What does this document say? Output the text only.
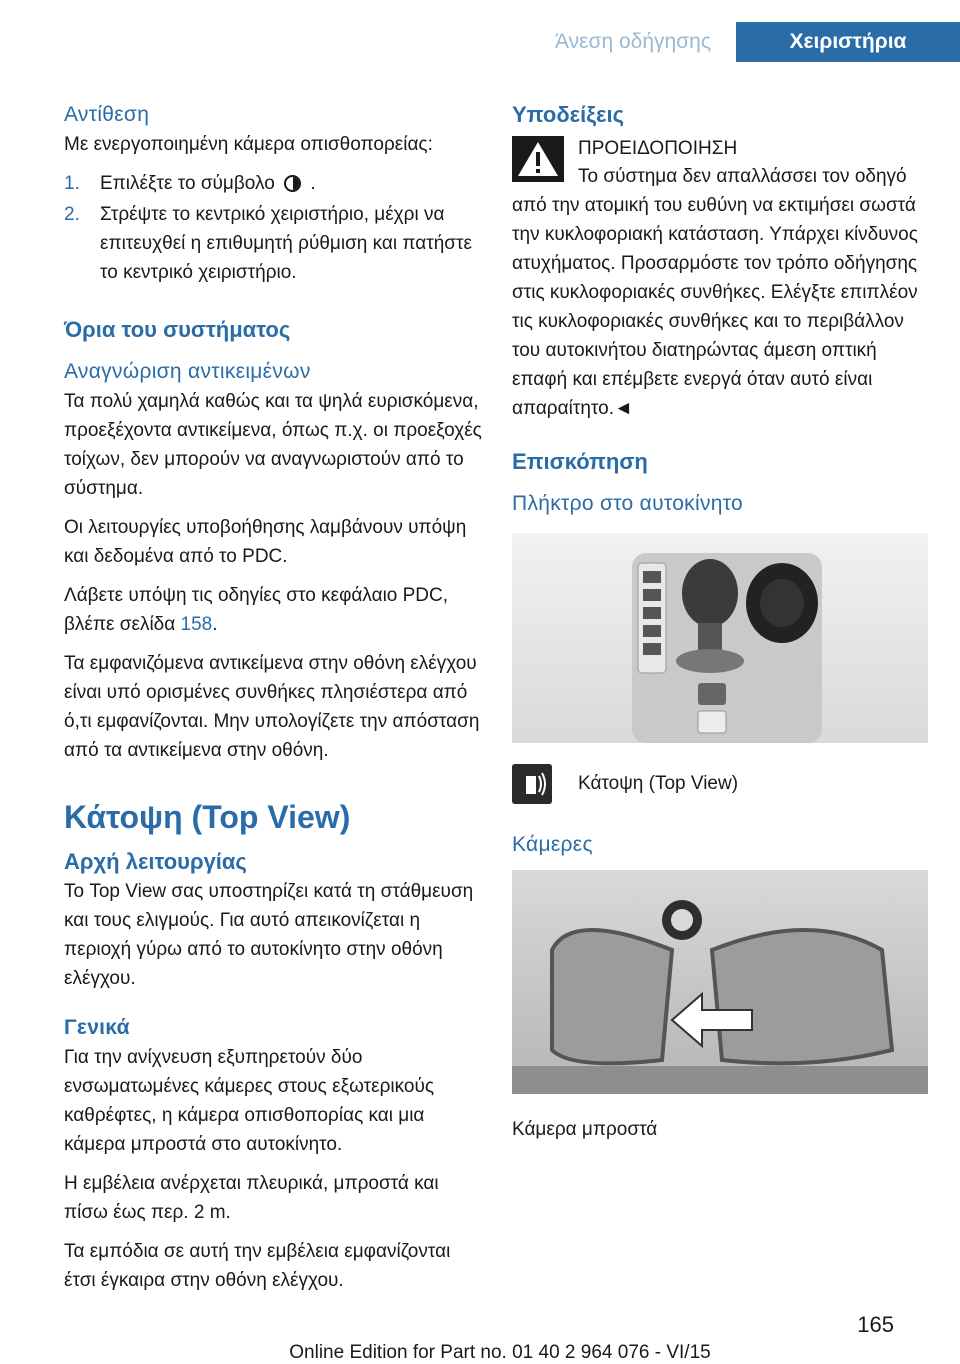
Άνεση οδήγησης	Χειριστήρια
Αντίθεση

Με ενεργοποιημένη κάμερα οπισθοπορείας:

1. Επιλέξτε το σύμβολο .
2. Στρέψτε το κεντρικό χειριστήριο, μέχρι να επιτευχθεί η επιθυμητή ρύθμιση και πατήστε το κεντρικό χειριστήριο.
Όρια του συστήματος
Αναγνώριση αντικειμένων

Τα πολύ χαμηλά καθώς και τα ψηλά ευρισκόμενα, προεξέχοντα αντικείμενα, όπως π.χ. οι προεξοχές τοίχων, δεν μπορούν να αναγνωριστούν από το σύστημα.

Οι λειτουργίες υποβοήθησης λαμβάνουν υπόψη και δεδομένα από το PDC.

Λάβετε υπόψη τις οδηγίες στο κεφάλαιο PDC, βλέπε σελίδα 158.

Τα εμφανιζόμενα αντικείμενα στην οθόνη ελέγχου είναι υπό ορισμένες συνθήκες πλησιέστερα από ό,τι εμφανίζονται. Μην υπολογίζετε την απόσταση από τα αντικείμενα στην οθόνη.

Κάτοψη (Top View)
Αρχή λειτουργίας

Το Top View σας υποστηρίζει κατά τη στάθμευση και τους ελιγμούς. Για αυτό απεικονίζεται η περιοχή γύρω από το αυτοκίνητο στην οθόνη ελέγχου.

Γενικά

Για την ανίχνευση εξυπηρετούν δύο ενσωματωμένες κάμερες στους εξωτερικούς καθρέφτες, η κάμερα οπισθοπορίας και μια κάμερα μπροστά στο αυτοκίνητο.

Η εμβέλεια ανέρχεται πλευρικά, μπροστά και πίσω έως περ. 2 m.

Τα εμπόδια σε αυτή την εμβέλεια εμφανίζονται έτσι έγκαιρα στην οθόνη ελέγχου.

Υποδείξεις

ΠΡΟΕΙΔΟΠΟΙΗΣΗ

Το σύστημα δεν απαλλάσσει τον οδηγό από την ατομική του ευθύνη να εκτιμήσει σωστά την κυκλοφοριακή κατάσταση. Υπάρχει κίνδυνος ατυχήματος. Προσαρμόστε τον τρόπο οδήγησης στις κυκλοφοριακές συνθήκες. Ελέγξτε επιπλέον τις κυκλοφοριακές συνθήκες και το περιβάλλον του αυτοκινήτου διατηρώντας άμεση οπτική επαφή και επέμβετε ενεργά όταν αυτό είναι απαραίτητο.◄

Επισκόπηση
Πλήκτρο στο αυτοκίνητο

Κάτοψη (Top View)

Κάμερες

Κάμερα μπροστά

165
Online Edition for Part no. 01 40 2 964 076 - VI/15
